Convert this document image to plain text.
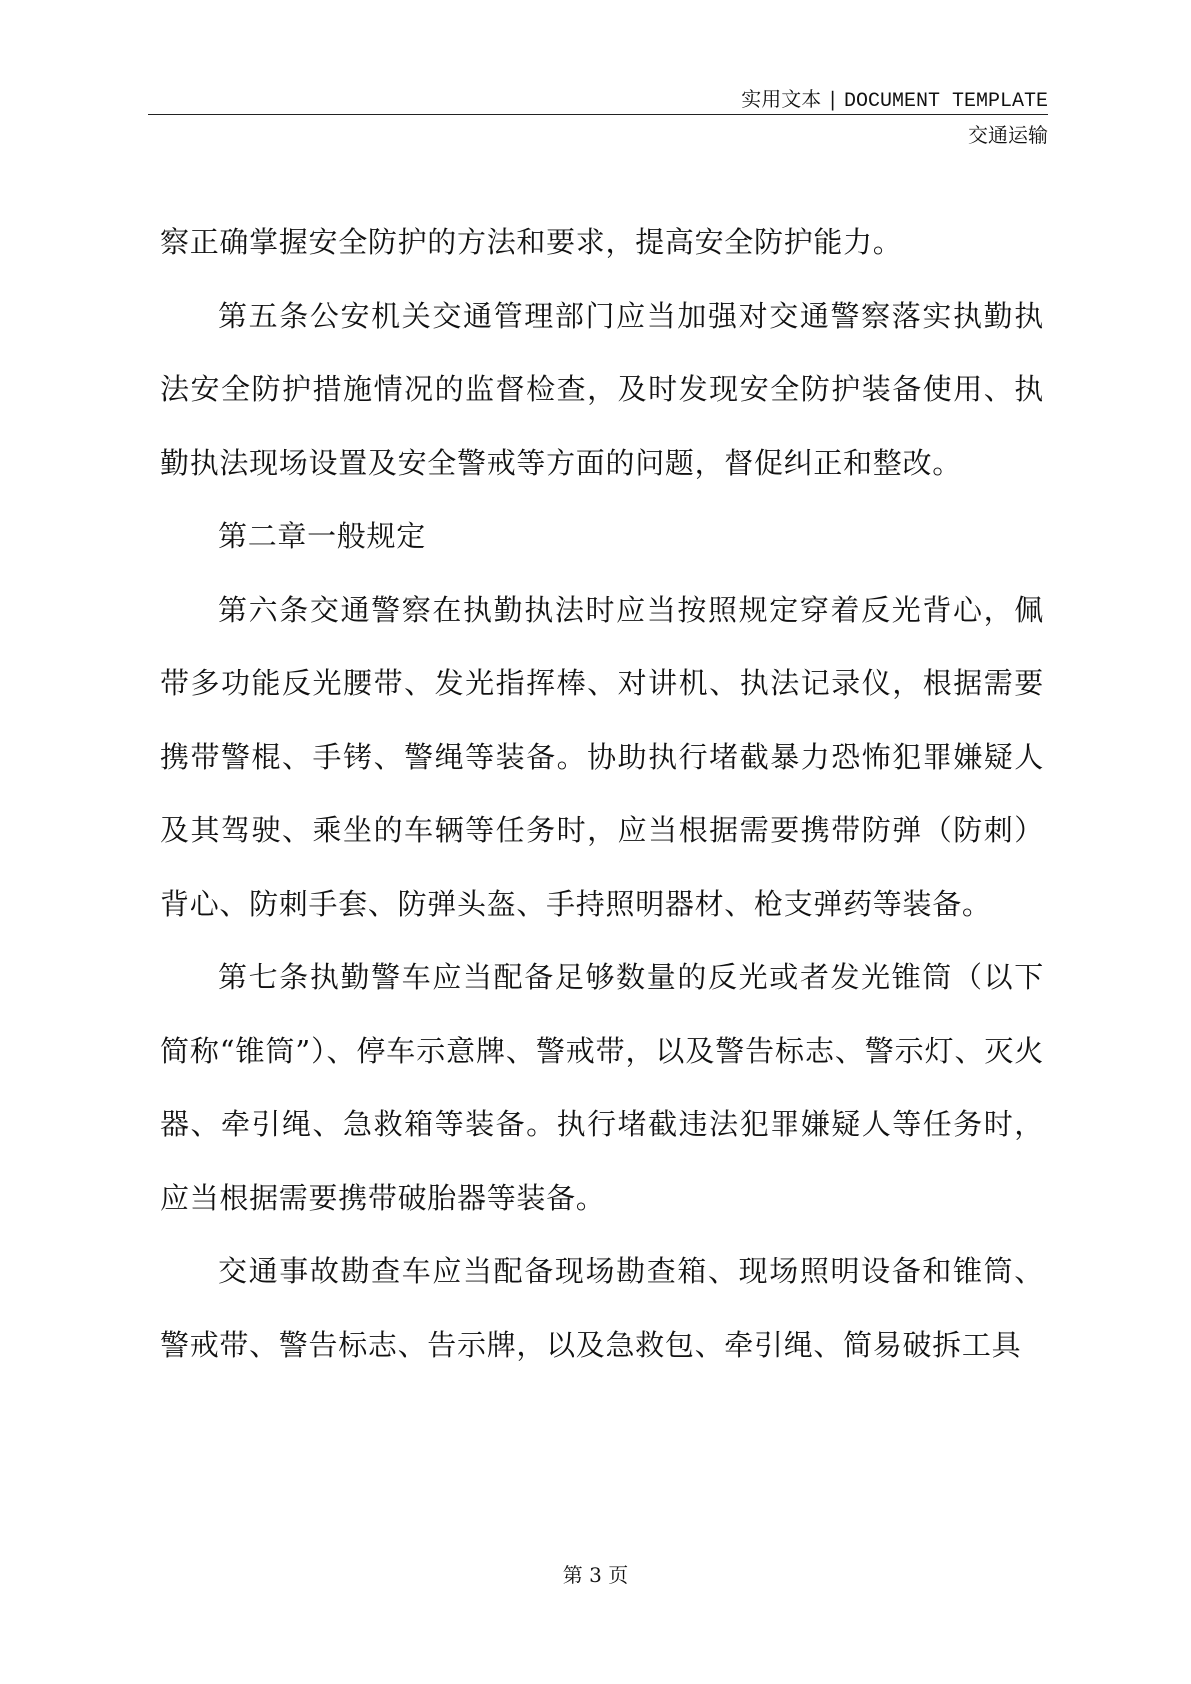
实用文本 | DOCUMENT TEMPLATE
交通运输

察正确掌握安全防护的方法和要求，提高安全防护能力。

第五条公安机关交通管理部门应当加强对交通警察落实执勤执法安全防护措施情况的监督检查，及时发现安全防护装备使用、执勤执法现场设置及安全警戒等方面的问题，督促纠正和整改。

第二章一般规定

第六条交通警察在执勤执法时应当按照规定穿着反光背心，佩带多功能反光腰带、发光指挥棒、对讲机、执法记录仪，根据需要携带警棍、手铐、警绳等装备。协助执行堵截暴力恐怖犯罪嫌疑人及其驾驶、乘坐的车辆等任务时，应当根据需要携带防弹（防刺）背心、防刺手套、防弹头盔、手持照明器材、枪支弹药等装备。

第七条执勤警车应当配备足够数量的反光或者发光锥筒（以下简称“锥筒”）、停车示意牌、警戒带，以及警告标志、警示灯、灭火器、牵引绳、急救箱等装备。执行堵截违法犯罪嫌疑人等任务时，应当根据需要携带破胎器等装备。

交通事故勘查车应当配备现场勘查箱、现场照明设备和锥筒、警戒带、警告标志、告示牌，以及急救包、牵引绳、简易破拆工具

第 3 页
